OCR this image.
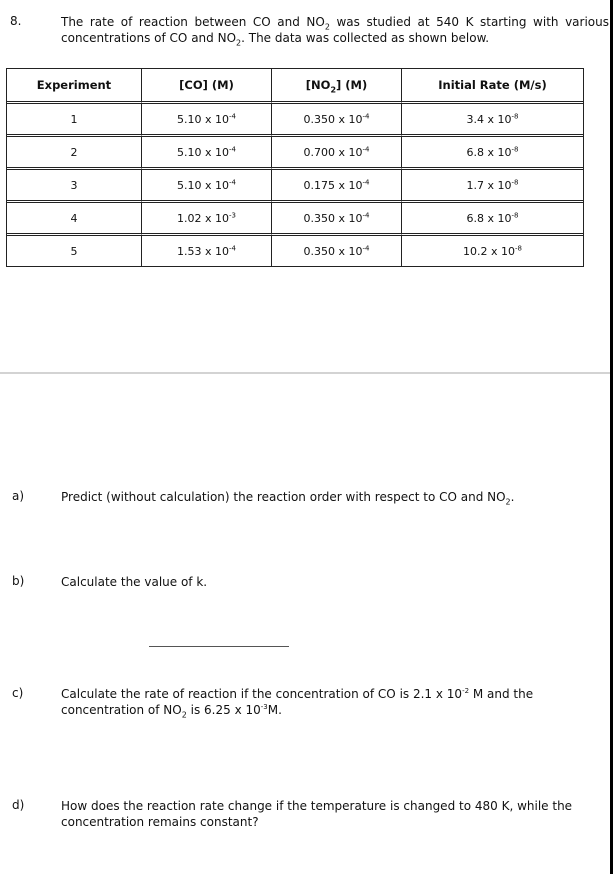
8.	The rate of reaction between CO and $NO_2$ was studied at 540 K starting with various concentrations of CO and $NO_2$. The data was collected as shown below.
Experiment	[CO] (M)	$[NO_2]$ (M)	Initial Rate (M/s)
1	5.10 x $10^{-4}$	0.350 x $10^{-4}$	3.4 x $10^{-8}$
2	5.10 x $10^{-4}$	0.700 x $10^{-4}$	6.8 x $10^{-8}$
3	5.10 x $10^{-4}$	0.175 x $10^{-4}$	1.7 x $10^{-8}$
4	1.02 x $10^{-3}$	0.350 x $10^{-4}$	6.8 x $10^{-8}$
5	1.53 x $10^{-4}$	0.350 x $10^{-4}$	10.2 x $10^{-8}$
a)	Predict (without calculation) the reaction order with respect to CO and $NO_2$.
b)	Calculate the value of k.
c)	Calculate the rate of reaction if the concentration of CO is 2.1 x $10^{-2}$ M and the concentration of $NO_2$ is 6.25 x $10^{-3}M$.
d)	How does the reaction rate change if the temperature is changed to 480 K, while the concentration remains constant?
